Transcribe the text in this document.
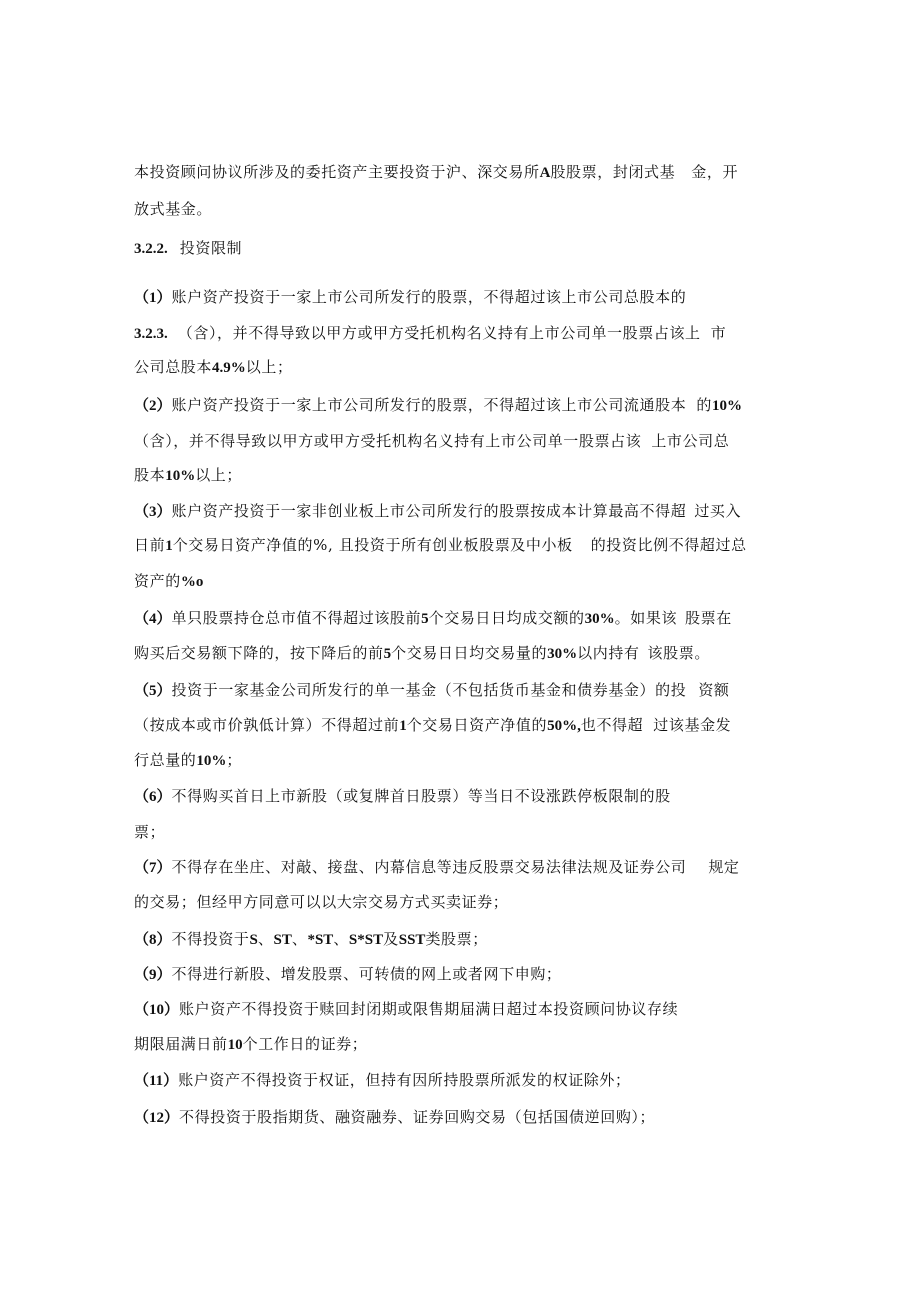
本投资顾问协议所涉及的委托资产主要投资于沪、深交易所A股股票，封闭式基 金，开
放式基金。
3.2.2. 投资限制
（1）账户资产投资于一家上市公司所发行的股票，不得超过该上市公司总股本的
3.2.3. （含），并不得导致以甲方或甲方受托机构名义持有上市公司单一股票占该上 市
公司总股本4.9%以上；
（2）账户资产投资于一家上市公司所发行的股票，不得超过该上市公司流通股本 的10%
（含），并不得导致以甲方或甲方受托机构名义持有上市公司单一股票占该 上市公司总
股本10%以上；
（3）账户资产投资于一家非创业板上市公司所发行的股票按成本计算最高不得超 过买入
日前1个交易日资产净值的%, 且投资于所有创业板股票及中小板 的投资比例不得超过总
资产的%o
（4）单只股票持仓总市值不得超过该股前5个交易日日均成交额的30%。如果该 股票在
购买后交易额下降的，按下降后的前5个交易日日均交易量的30%以内持有 该股票。
（5）投资于一家基金公司所发行的单一基金（不包括货币基金和债券基金）的投 资额
（按成本或市价孰低计算）不得超过前1个交易日资产净值的50%,也不得超 过该基金发
行总量的10%；
（6）不得购买首日上市新股（或复牌首日股票）等当日不设涨跌停板限制的股
票；
（7）不得存在坐庄、对敲、接盘、内幕信息等违反股票交易法律法规及证券公司 规定
的交易；但经甲方同意可以以大宗交易方式买卖证券；
（8）不得投资于S、ST、*ST、S*ST及SST类股票；
（9）不得进行新股、增发股票、可转债的网上或者网下申购；
（10）账户资产不得投资于赎回封闭期或限售期届满日超过本投资顾问协议存续
期限届满日前10个工作日的证券；
（11）账户资产不得投资于权证，但持有因所持股票所派发的权证除外；
（12）不得投资于股指期货、融资融券、证券回购交易（包括国债逆回购）；
